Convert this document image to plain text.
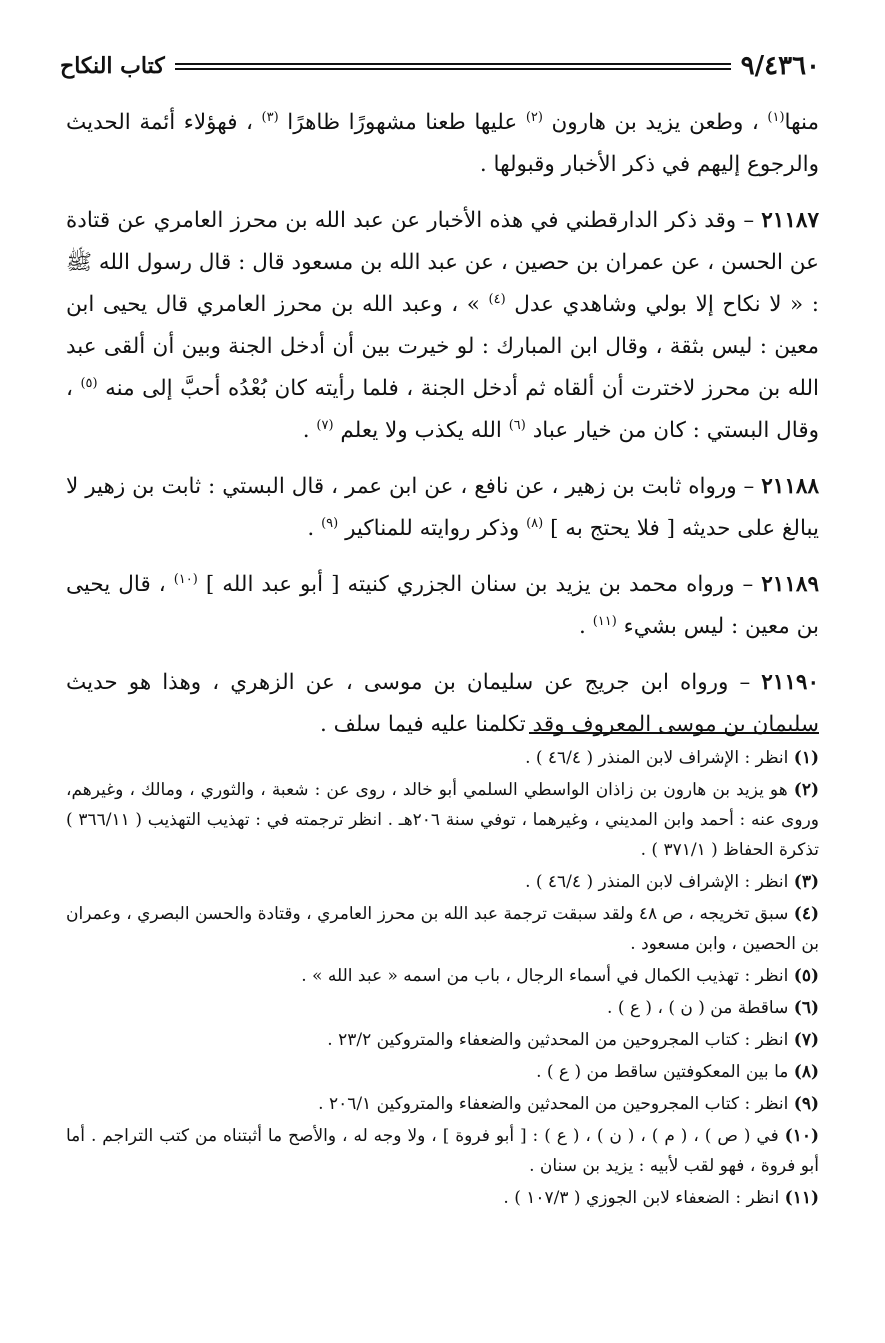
كتاب النكاح	٩/٤٣٦٠

منها$^{(١)}$ ، وطعن يزيد بن هارون $^{(٢)}$ عليها طعنا مشهورًا ظاهرًا $^{(٣)}$ ، فهؤلاء أئمة الحديث والرجوع إليهم في ذكر الأخبار وقبولها .

٢١١٨٧ – وقد ذكر الدارقطني في هذه الأخبار عن عبد الله بن محرز العامري عن قتادة عن الحسن ، عن عمران بن حصين ، عن عبد الله بن مسعود قال : قال رسول الله ﷺ : « لا نكاح إلا بولي وشاهدي عدل $^{(٤)}$ » ، وعبد الله بن محرز العامري قال يحيى ابن معين : ليس بثقة ، وقال ابن المبارك : لو خيرت بين أن أدخل الجنة وبين أن ألقى عبد الله بن محرز لاخترت أن ألقاه ثم أدخل الجنة ، فلما رأيته كان بُعْدُه أحبَّ إلى منه $^{(٥)}$ ، وقال البستي : كان من خيار عباد $^{(٦)}$ الله يكذب ولا يعلم $^{(٧)}$ .

٢١١٨٨ – ورواه ثابت بن زهير ، عن نافع ، عن ابن عمر ، قال البستي : ثابت بن زهير لا يبالغ على حديثه [ فلا يحتج به ] $^{(٨)}$ وذكر روايته للمناكير $^{(٩)}$ .

٢١١٨٩ – ورواه محمد بن يزيد بن سنان الجزري كنيته [ أبو عبد الله ] $^{(١٠)}$ ، قال يحيى بن معين : ليس بشيء $^{(١١)}$ .

٢١١٩٠ – ورواه ابن جريج عن سليمان بن موسى ، عن الزهري ، وهذا هو حديث سليمان بن موسى المعروف وقد تكلمنا عليه فيما سلف .

(١) انظر : الإشراف لابن المنذر ( ٤٦/٤ ) .

(٢) هو يزيد بن هارون بن زاذان الواسطي السلمي أبو خالد ، روى عن : شعبة ، والثوري ، ومالك ، وغيرهم، وروى عنه : أحمد وابن المديني ، وغيرهما ، توفي سنة ٢٠٦هـ . انظر ترجمته في : تهذيب التهذيب ( ٣٦٦/١١ ) تذكرة الحفاظ ( ٣٧١/١ ) .

(٣) انظر : الإشراف لابن المنذر ( ٤٦/٤ ) .

(٤) سبق تخريجه ، ص ٤٨ ولقد سبقت ترجمة عبد الله بن محرز العامري ، وقتادة والحسن البصري ، وعمران بن الحصين ، وابن مسعود .

(٥) انظر : تهذيب الكمال في أسماء الرجال ، باب من اسمه « عبد الله » .

(٦) ساقطة من ( ن ) ، ( ع ) .

(٧) انظر : كتاب المجروحين من المحدثين والضعفاء والمتروكين ٢٣/٢ .

(٨) ما بين المعكوفتين ساقط من ( ع ) .

(٩) انظر : كتاب المجروحين من المحدثين والضعفاء والمتروكين ٢٠٦/١ .

(١٠) في ( ص ) ، ( م ) ، ( ن ) ، ( ع ) : [ أبو فروة ] ، ولا وجه له ، والأصح ما أثبتناه من كتب التراجم . أما أبو فروة ، فهو لقب لأبيه : يزيد بن سنان .

(١١) انظر : الضعفاء لابن الجوزي ( ١٠٧/٣ ) .
